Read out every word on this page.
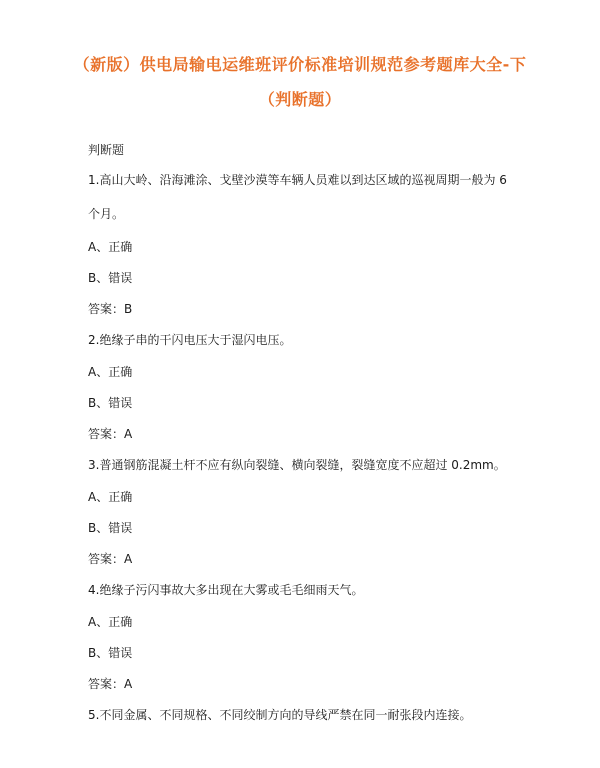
（新版）供电局输电运维班评价标准培训规范参考题库大全-下
（判断题）
判断题
1.高山大岭、沿海滩涂、戈壁沙漠等车辆人员难以到达区域的巡视周期一般为 6
个月。
A、正确
B、错误
答案：B
2.绝缘子串的干闪电压大于湿闪电压。
A、正确
B、错误
答案：A
3.普通钢筋混凝土杆不应有纵向裂缝、横向裂缝，裂缝宽度不应超过 0.2mm。
A、正确
B、错误
答案：A
4.绝缘子污闪事故大多出现在大雾或毛毛细雨天气。
A、正确
B、错误
答案：A
5.不同金属、不同规格、不同绞制方向的导线严禁在同一耐张段内连接。
